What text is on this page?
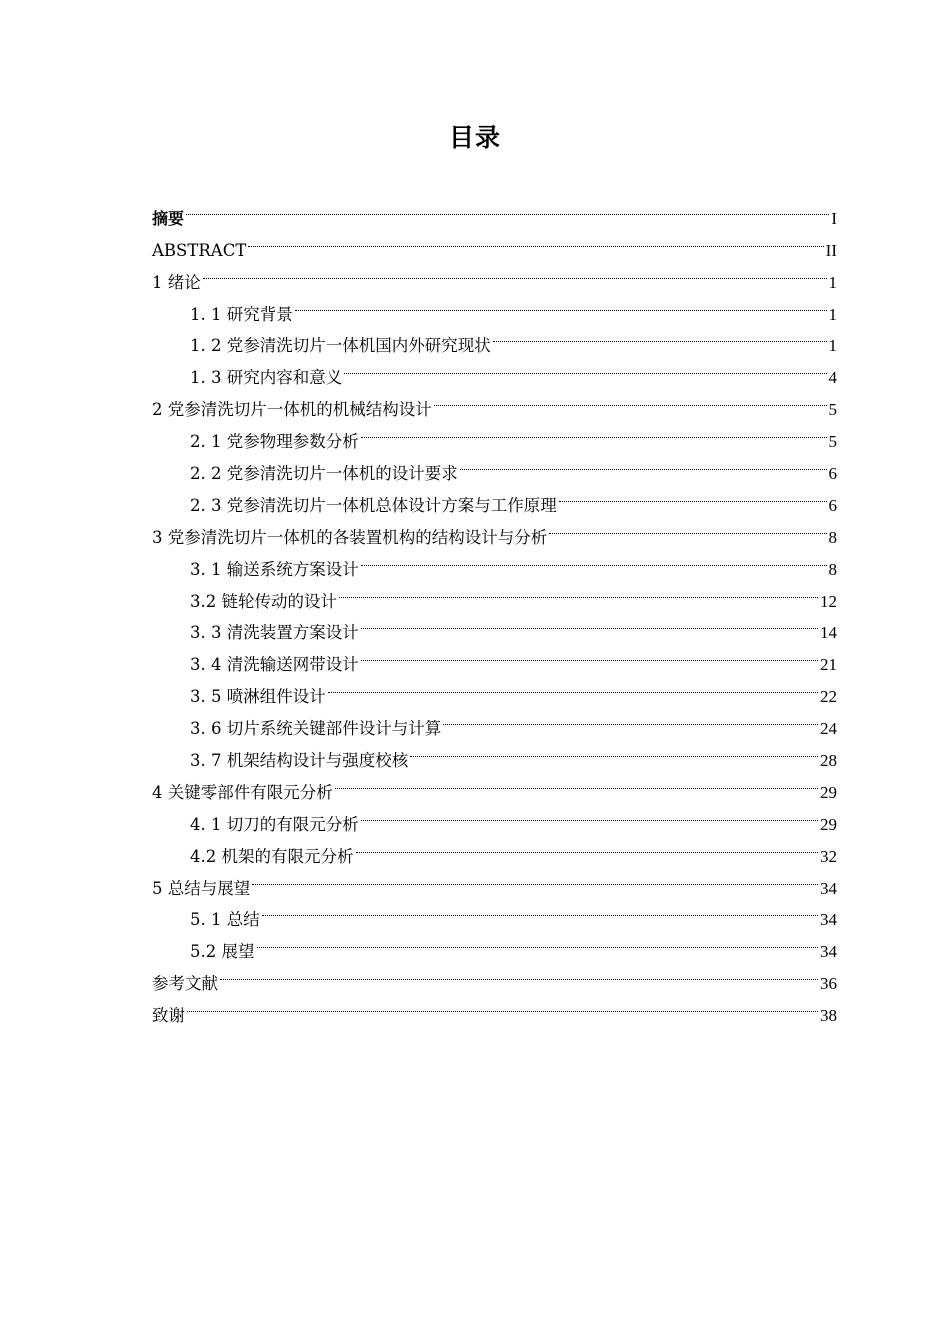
目录
摘要	I
ABSTRACT	II
1 绪论	1
1. 1 研究背景	1
1. 2 党参清洗切片一体机国内外研究现状	1
1. 3 研究内容和意义	4
2 党参清洗切片一体机的机械结构设计	5
2. 1 党参物理参数分析	5
2. 2 党参清洗切片一体机的设计要求	6
2. 3 党参清洗切片一体机总体设计方案与工作原理	6
3 党参清洗切片一体机的各装置机构的结构设计与分析	8
3. 1 输送系统方案设计	8
3.2 链轮传动的设计	12
3. 3 清洗装置方案设计	14
3. 4 清洗输送网带设计	21
3. 5 喷淋组件设计	22
3. 6 切片系统关键部件设计与计算	24
3. 7 机架结构设计与强度校核	28
4 关键零部件有限元分析	29
4. 1 切刀的有限元分析	29
4.2 机架的有限元分析	32
5 总结与展望	34
5. 1 总结	34
5.2 展望	34
参考文献	36
致谢	38
